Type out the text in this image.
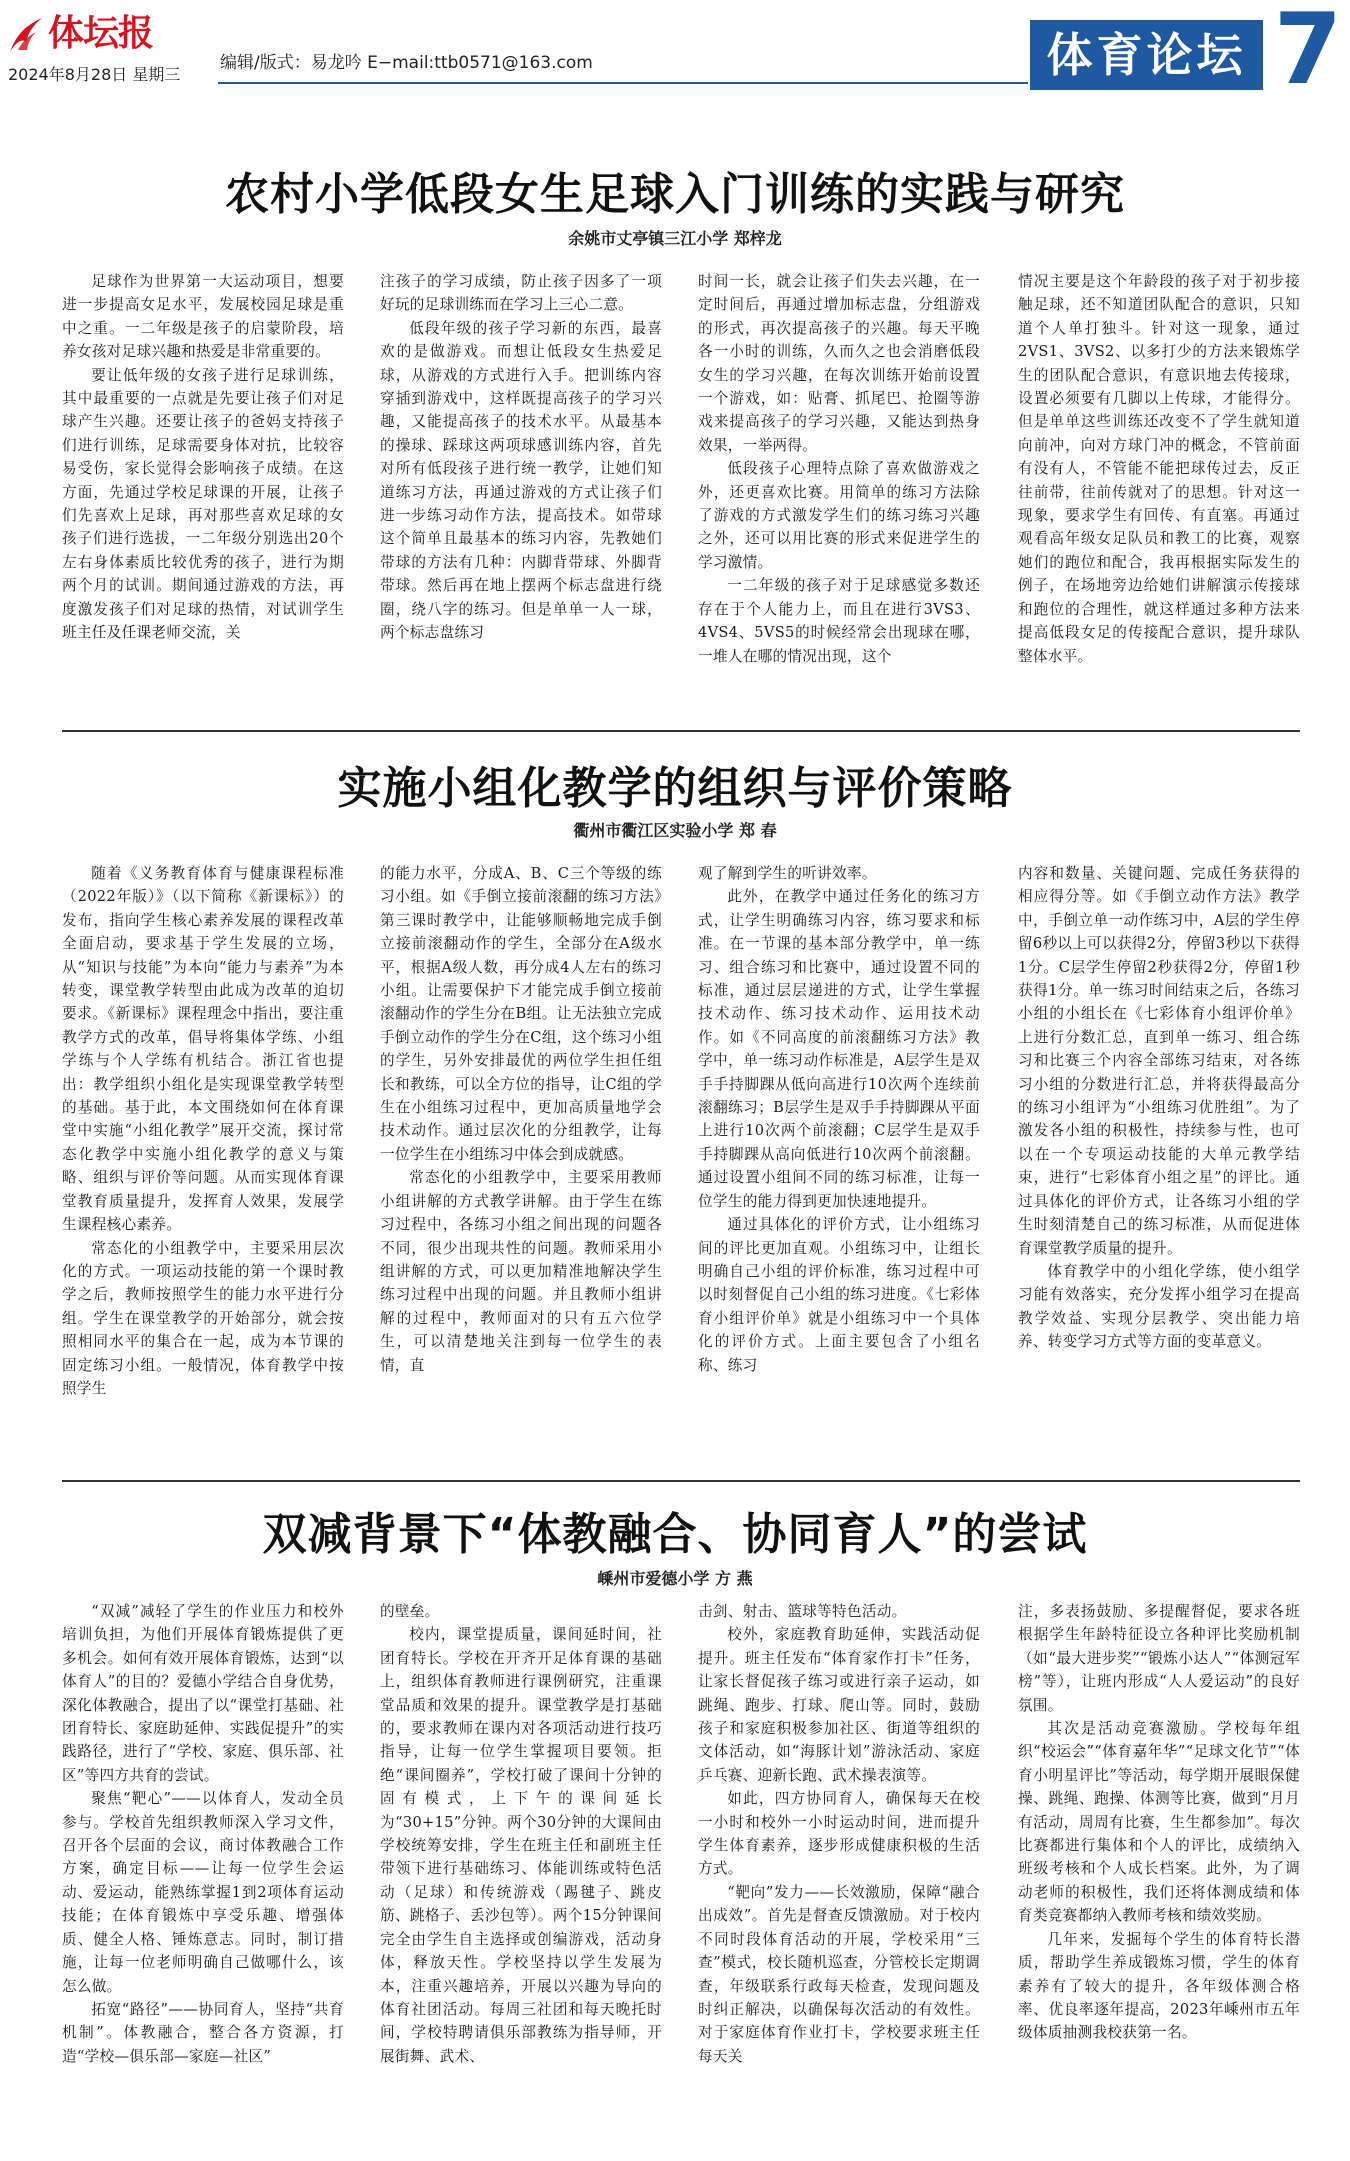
体坛报
2024年8月28日 星期三
编辑/版式：易龙吟 E−mail:ttb0571@163.com	体育论坛 7
农村小学低段女生足球入门训练的实践与研究
余姚市丈亭镇三江小学 郑梓龙

足球作为世界第一大运动项目，想要进一步提高女足水平，发展校园足球是重中之重。一二年级是孩子的启蒙阶段，培养女孩对足球兴趣和热爱是非常重要的。

要让低年级的女孩子进行足球训练，其中最重要的一点就是先要让孩子们对足球产生兴趣。还要让孩子的爸妈支持孩子们进行训练，足球需要身体对抗，比较容易受伤，家长觉得会影响孩子成绩。在这方面，先通过学校足球课的开展，让孩子们先喜欢上足球，再对那些喜欢足球的女孩子们进行选拔，一二年级分别选出20个左右身体素质比较优秀的孩子，进行为期两个月的试训。期间通过游戏的方法，再度激发孩子们对足球的热情，对试训学生班主任及任课老师交流，关

注孩子的学习成绩，防止孩子因多了一项好玩的足球训练而在学习上三心二意。

低段年级的孩子学习新的东西，最喜欢的是做游戏。而想让低段女生热爱足球，从游戏的方式进行入手。把训练内容穿插到游戏中，这样既提高孩子的学习兴趣，又能提高孩子的技术水平。从最基本的操球、踩球这两项球感训练内容，首先对所有低段孩子进行统一教学，让她们知道练习方法，再通过游戏的方式让孩子们进一步练习动作方法，提高技术。如带球这个简单且最基本的练习内容，先教她们带球的方法有几种：内脚背带球、外脚背带球。然后再在地上摆两个标志盘进行绕圈，绕八字的练习。但是单单一人一球，两个标志盘练习

时间一长，就会让孩子们失去兴趣，在一定时间后，再通过增加标志盘，分组游戏的形式，再次提高孩子的兴趣。每天平晚各一小时的训练，久而久之也会消磨低段女生的学习兴趣，在每次训练开始前设置一个游戏，如：贴膏、抓尾巴、抢圈等游戏来提高孩子的学习兴趣，又能达到热身效果，一举两得。

低段孩子心理特点除了喜欢做游戏之外，还更喜欢比赛。用简单的练习方法除了游戏的方式激发学生们的练习练习兴趣之外，还可以用比赛的形式来促进学生的学习激情。

一二年级的孩子对于足球感觉多数还存在于个人能力上，而且在进行3VS3、4VS4、5VS5的时候经常会出现球在哪，一堆人在哪的情况出现，这个

情况主要是这个年龄段的孩子对于初步接触足球，还不知道团队配合的意识，只知道个人单打独斗。针对这一现象，通过2VS1、3VS2、以多打少的方法来锻炼学生的团队配合意识，有意识地去传接球，设置必须要有几脚以上传球，才能得分。但是单单这些训练还改变不了学生就知道向前冲，向对方球门冲的概念，不管前面有没有人，不管能不能把球传过去，反正往前带，往前传就对了的思想。针对这一现象，要求学生有回传、有直塞。再通过观看高年级女足队员和教工的比赛，观察她们的跑位和配合，我再根据实际发生的例子，在场地旁边给她们讲解演示传接球和跑位的合理性，就这样通过多种方法来提高低段女足的传接配合意识，提升球队整体水平。

实施小组化教学的组织与评价策略
衢州市衢江区实验小学 郑 春

随着《义务教育体育与健康课程标准（2022年版）》（以下简称《新课标》）的发布，指向学生核心素养发展的课程改革全面启动，要求基于学生发展的立场，从“知识与技能”为本向“能力与素养”为本转变，课堂教学转型由此成为改革的迫切要求。《新课标》课程理念中指出，要注重教学方式的改革，倡导将集体学练、小组学练与个人学练有机结合。浙江省也提出：教学组织小组化是实现课堂教学转型的基础。基于此，本文围绕如何在体育课堂中实施“小组化教学”展开交流，探讨常态化教学中实施小组化教学的意义与策略、组织与评价等问题。从而实现体育课堂教育质量提升，发挥育人效果，发展学生课程核心素养。

常态化的小组教学中，主要采用层次化的方式。一项运动技能的第一个课时教学之后，教师按照学生的能力水平进行分组。学生在课堂教学的开始部分，就会按照相同水平的集合在一起，成为本节课的固定练习小组。一般情况，体育教学中按照学生

的能力水平，分成A、B、C三个等级的练习小组。如《手倒立接前滚翻的练习方法》第三课时教学中，让能够顺畅地完成手倒立接前滚翻动作的学生，全部分在A级水平，根据A级人数，再分成4人左右的练习小组。让需要保护下才能完成手倒立接前滚翻动作的学生分在B组。让无法独立完成手倒立动作的学生分在C组，这个练习小组的学生，另外安排最优的两位学生担任组长和教练，可以全方位的指导，让C组的学生在小组练习过程中，更加高质量地学会技术动作。通过层次化的分组教学，让每一位学生在小组练习中体会到成就感。

常态化的小组教学中，主要采用教师小组讲解的方式教学讲解。由于学生在练习过程中，各练习小组之间出现的问题各不同，很少出现共性的问题。教师采用小组讲解的方式，可以更加精准地解决学生练习过程中出现的问题。并且教师小组讲解的过程中，教师面对的只有五六位学生，可以清楚地关注到每一位学生的表情，直

观了解到学生的听讲效率。

此外，在教学中通过任务化的练习方式，让学生明确练习内容，练习要求和标准。在一节课的基本部分教学中，单一练习、组合练习和比赛中，通过设置不同的标准，通过层层递进的方式，让学生掌握技术动作、练习技术动作、运用技术动作。如《不同高度的前滚翻练习方法》教学中，单一练习动作标准是，A层学生是双手手持脚踝从低向高进行10次两个连续前滚翻练习；B层学生是双手手持脚踝从平面上进行10次两个前滚翻；C层学生是双手手持脚踝从高向低进行10次两个前滚翻。通过设置小组间不同的练习标准，让每一位学生的能力得到更加快速地提升。

通过具体化的评价方式，让小组练习间的评比更加直观。小组练习中，让组长明确自己小组的评价标准，练习过程中可以时刻督促自己小组的练习进度。《七彩体育小组评价单》就是小组练习中一个具体化的评价方式。上面主要包含了小组名称、练习

内容和数量、关键问题、完成任务获得的相应得分等。如《手倒立动作方法》教学中，手倒立单一动作练习中，A层的学生停留6秒以上可以获得2分，停留3秒以下获得1分。C层学生停留2秒获得2分，停留1秒获得1分。单一练习时间结束之后，各练习小组的小组长在《七彩体育小组评价单》上进行分数汇总，直到单一练习、组合练习和比赛三个内容全部练习结束，对各练习小组的分数进行汇总，并将获得最高分的练习小组评为“小组练习优胜组”。为了激发各小组的积极性，持续参与性，也可以在一个专项运动技能的大单元教学结束，进行“七彩体育小组之星”的评比。通过具体化的评价方式，让各练习小组的学生时刻清楚自己的练习标准，从而促进体育课堂教学质量的提升。

体育教学中的小组化学练，使小组学习能有效落实，充分发挥小组学习在提高教学效益、实现分层教学、突出能力培养、转变学习方式等方面的变革意义。

双减背景下“体教融合、协同育人”的尝试
嵊州市爱德小学 方 燕

“双减”减轻了学生的作业压力和校外培训负担，为他们开展体育锻炼提供了更多机会。如何有效开展体育锻炼，达到“以体育人”的目的？爱德小学结合自身优势，深化体教融合，提出了以“课堂打基础、社团育特长、家庭助延伸、实践促提升”的实践路径，进行了“学校、家庭、俱乐部、社区”等四方共育的尝试。

聚焦“靶心”——以体育人，发动全员参与。学校首先组织教师深入学习文件，召开各个层面的会议，商讨体教融合工作方案，确定目标——让每一位学生会运动、爱运动，能熟练掌握1到2项体育运动技能；在体育锻炼中享受乐趣、增强体质、健全人格、锤炼意志。同时，制订措施，让每一位老师明确自己做哪什么，该怎么做。

拓宽“路径”——协同育人，坚持“共育机制”。体教融合，整合各方资源，打造“学校—俱乐部—家庭—社区”

的壁垒。

校内，课堂提质量，课间延时间，社团育特长。学校在开齐开足体育课的基础上，组织体育教师进行课例研究，注重课堂品质和效果的提升。课堂教学是打基础的，要求教师在课内对各项活动进行技巧指导，让每一位学生掌握项目要领。拒绝“课间圈养”，学校打破了课间十分钟的固有模式，上下午的课间延长为“30+15”分钟。两个30分钟的大课间由学校统筹安排，学生在班主任和副班主任带领下进行基础练习、体能训练或特色活动（足球）和传统游戏（踢毽子、跳皮筋、跳格子、丢沙包等）。两个15分钟课间完全由学生自主选择或创编游戏，活动身体，释放天性。学校坚持以学生发展为本，注重兴趣培养，开展以兴趣为导向的体育社团活动。每周三社团和每天晚托时间，学校特聘请俱乐部教练为指导师，开展街舞、武术、

击剑、射击、篮球等特色活动。

校外，家庭教育助延伸，实践活动促提升。班主任发布“体育家作打卡”任务，让家长督促孩子练习或进行亲子运动，如跳绳、跑步、打球、爬山等。同时，鼓励孩子和家庭积极参加社区、街道等组织的文体活动，如“海豚计划”游泳活动、家庭乒乓赛、迎新长跑、武术操表演等。

如此，四方协同育人，确保每天在校一小时和校外一小时运动时间，进而提升学生体育素养，逐步形成健康积极的生活方式。

“靶向”发力——长效激励，保障“融合出成效”。首先是督查反馈激励。对于校内不同时段体育活动的开展，学校采用“三查”模式，校长随机巡查，分管校长定期调查，年级联系行政每天检查，发现问题及时纠正解决，以确保每次活动的有效性。对于家庭体育作业打卡，学校要求班主任每天关

注，多表扬鼓励、多提醒督促，要求各班根据学生年龄特征设立各种评比奖励机制（如“最大进步奖”“锻炼小达人”“体测冠军榜”等），让班内形成“人人爱运动”的良好氛围。

其次是活动竞赛激励。学校每年组织“校运会”“体育嘉年华”“足球文化节”“体育小明星评比”等活动，每学期开展眼保健操、跳绳、跑操、体测等比赛，做到“月月有活动，周周有比赛，生生都参加”。每次比赛都进行集体和个人的评比，成绩纳入班级考核和个人成长档案。此外，为了调动老师的积极性，我们还将体测成绩和体育类竞赛都纳入教师考核和绩效奖励。

几年来，发掘每个学生的体育特长潜质，帮助学生养成锻炼习惯，学生的体育素养有了较大的提升，各年级体测合格率、优良率逐年提高，2023年嵊州市五年级体质抽测我校获第一名。
